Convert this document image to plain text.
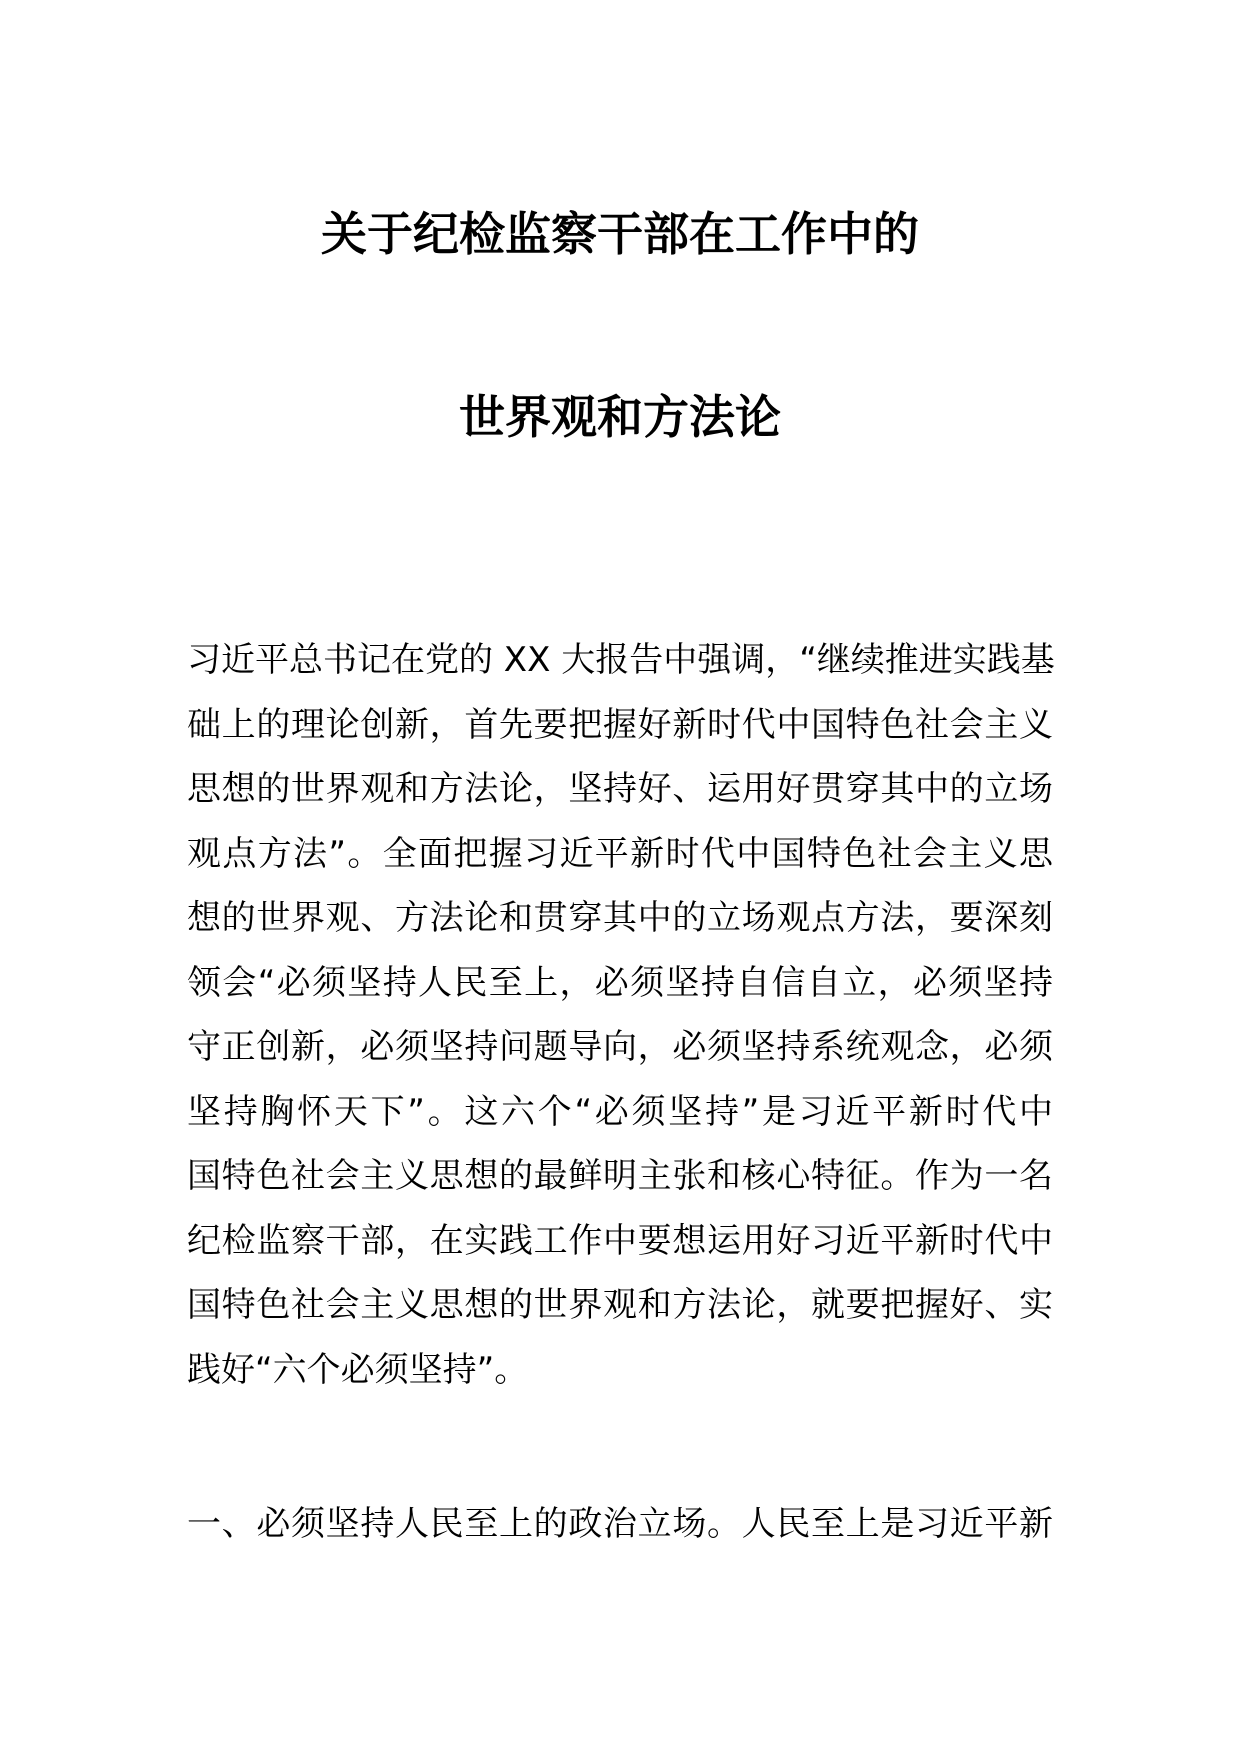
关于纪检监察干部在工作中的
世界观和方法论
习近平总书记在党的 XX 大报告中强调，“继续推进实践基
础上的理论创新，首先要把握好新时代中国特色社会主义
思想的世界观和方法论，坚持好、运用好贯穿其中的立场
观点方法”。全面把握习近平新时代中国特色社会主义思
想的世界观、方法论和贯穿其中的立场观点方法，要深刻
领会“必须坚持人民至上，必须坚持自信自立，必须坚持
守正创新，必须坚持问题导向，必须坚持系统观念，必须
坚持胸怀天下”。这六个“必须坚持”是习近平新时代中
国特色社会主义思想的最鲜明主张和核心特征。作为一名
纪检监察干部，在实践工作中要想运用好习近平新时代中
国特色社会主义思想的世界观和方法论，就要把握好、实
践好“六个必须坚持”。
一、必须坚持人民至上的政治立场。人民至上是习近平新
